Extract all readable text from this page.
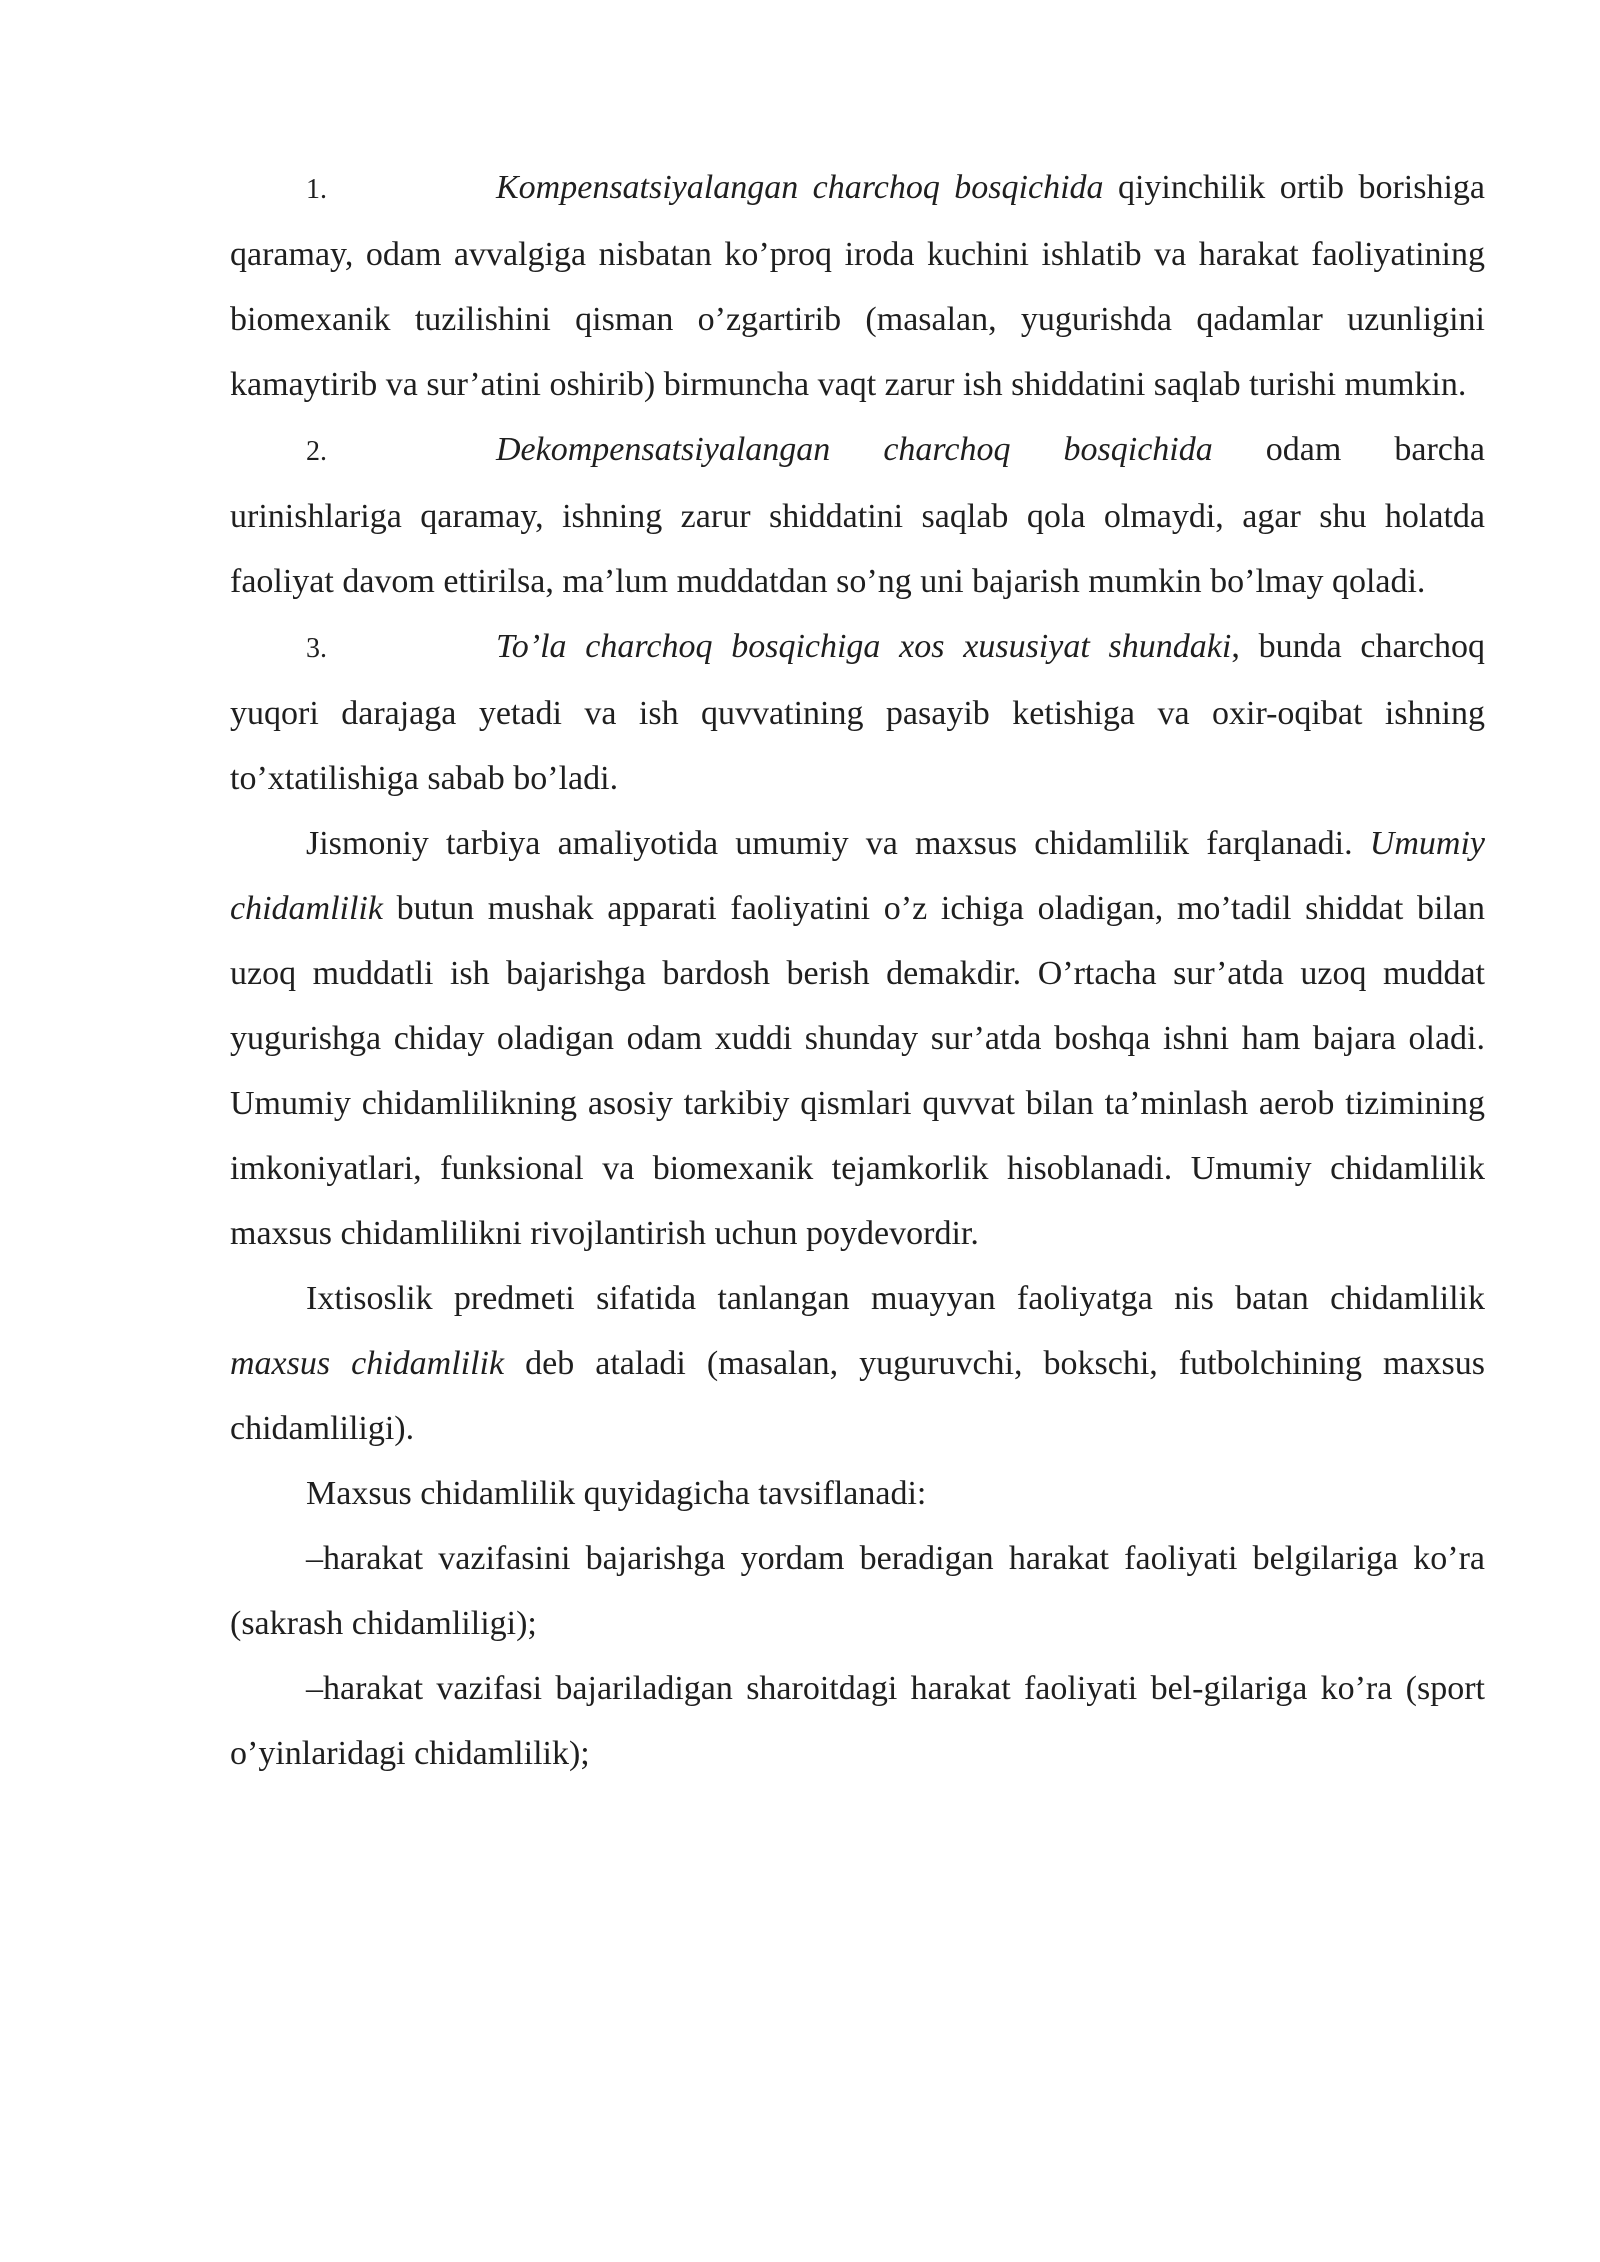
1.	Kompensatsiyalangan charchoq bosqichida qiyinchilik ortib borishiga qaramay, odam avvalgiga nisbatan ko’proq iroda kuchini ishlatib va harakat faoliyatining biomexanik tuzilishini qisman o’zgartirib (masalan, yugurishda qadamlar uzunligini kamaytirib va sur’atini oshirib) birmuncha vaqt zarur ish shiddatini saqlab turishi mumkin.

2.	Dekompensatsiyalangan charchoq bosqichida odam barcha urinishlariga qaramay, ishning zarur shiddatini saqlab qola olmaydi, agar shu holatda faoliyat davom ettirilsa, ma’lum muddatdan so’ng uni bajarish mumkin bo’lmay qoladi.

3.	To’la charchoq bosqichiga xos xususiyat shundaki, bunda charchoq yuqori darajaga yetadi va ish quvvatining pasayib ketishiga va oxir-oqibat ishning to’xtatilishiga sabab bo’ladi.

Jismoniy tarbiya amaliyotida umumiy va maxsus chidamlilik farqlanadi. Umumiy chidamlilik butun mushak apparati faoliyatini o’z ichiga oladigan, mo’tadil shiddat bilan uzoq muddatli ish bajarishga bardosh berish demakdir. O’rtacha sur’atda uzoq muddat yugurishga chiday oladigan odam xuddi shunday sur’atda boshqa ishni ham bajara oladi. Umumiy chidamlilikning asosiy tarkibiy qismlari quvvat bilan ta’minlash aerob tizimining imkoniyatlari, funksional va biomexanik tejamkorlik hisoblanadi. Umumiy chidamlilik maxsus chidamlilikni rivojlantirish uchun poydevordir.

Ixtisoslik predmeti sifatida tanlangan muayyan faoliyatga nis batan chidamlilik maxsus chidamlilik deb ataladi (masalan, yuguruvchi, bokschi, futbolchining maxsus chidamliligi).

Maxsus chidamlilik quyidagicha tavsiflanadi:

–harakat vazifasini bajarishga yordam beradigan harakat faoliyati belgilariga ko’ra (sakrash chidamliligi);

–harakat vazifasi bajariladigan sharoitdagi harakat faoliyati bel-gilariga ko’ra (sport o’yinlaridagi chidamlilik);
